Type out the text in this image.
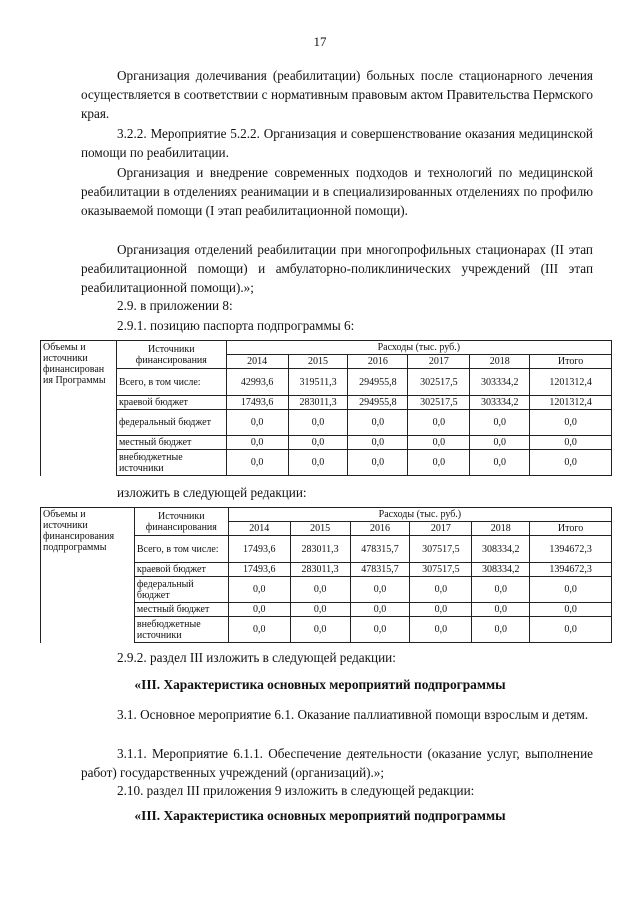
17

Организация долечивания (реабилитации) больных после стационарного лечения осуществляется в соответствии с нормативным правовым актом Правительства Пермского края.

3.2.2. Мероприятие 5.2.2. Организация и совершенствование оказания медицинской помощи по реабилитации.

Организация и внедрение современных подходов и технологий по медицинской реабилитации в отделениях реанимации и в специализированных отделениях по профилю оказываемой помощи (I этап реабилитационной помощи).

Организация отделений реабилитации при многопрофильных стационарах (II этап реабилитационной помощи) и амбулаторно-поликлинических учреждений (III этап реабилитационной помощи).»;

2.9. в приложении 8:

2.9.1. позицию паспорта подпрограммы 6:

Объемы и источники финансирован ия Программы	Источники финансирования	Расходы (тыс. руб.)					
		2014	2015	2016	2017	2018	Итого
	Всего, в том числе:	42993,6	319511,3	294955,8	302517,5	303334,2	1201312,4
	краевой бюджет	17493,6	283011,3	294955,8	302517,5	303334,2	1201312,4
	федеральный бюджет	0,0	0,0	0,0	0,0	0,0	0,0
	местный бюджет	0,0	0,0	0,0	0,0	0,0	0,0
	внебюджетные источники	0,0	0,0	0,0	0,0	0,0	0,0

изложить в следующей редакции:

Объемы и источники финансирования подпрограммы	Источники финансирования	Расходы (тыс. руб.)					
		2014	2015	2016	2017	2018	Итого
	Всего, в том числе:	17493,6	283011,3	478315,7	307517,5	308334,2	1394672,3
	краевой бюджет	17493,6	283011,3	478315,7	307517,5	308334,2	1394672,3
	федеральный бюджет	0,0	0,0	0,0	0,0	0,0	0,0
	местный бюджет	0,0	0,0	0,0	0,0	0,0	0,0
	внебюджетные источники	0,0	0,0	0,0	0,0	0,0	0,0

2.9.2. раздел III изложить в следующей редакции:

«III. Характеристика основных мероприятий подпрограммы

3.1. Основное мероприятие 6.1. Оказание паллиативной помощи взрослым и детям.

3.1.1. Мероприятие 6.1.1. Обеспечение деятельности (оказание услуг, выполнение работ) государственных учреждений (организаций).»;

2.10. раздел III приложения 9 изложить в следующей редакции:

«III. Характеристика основных мероприятий подпрограммы
